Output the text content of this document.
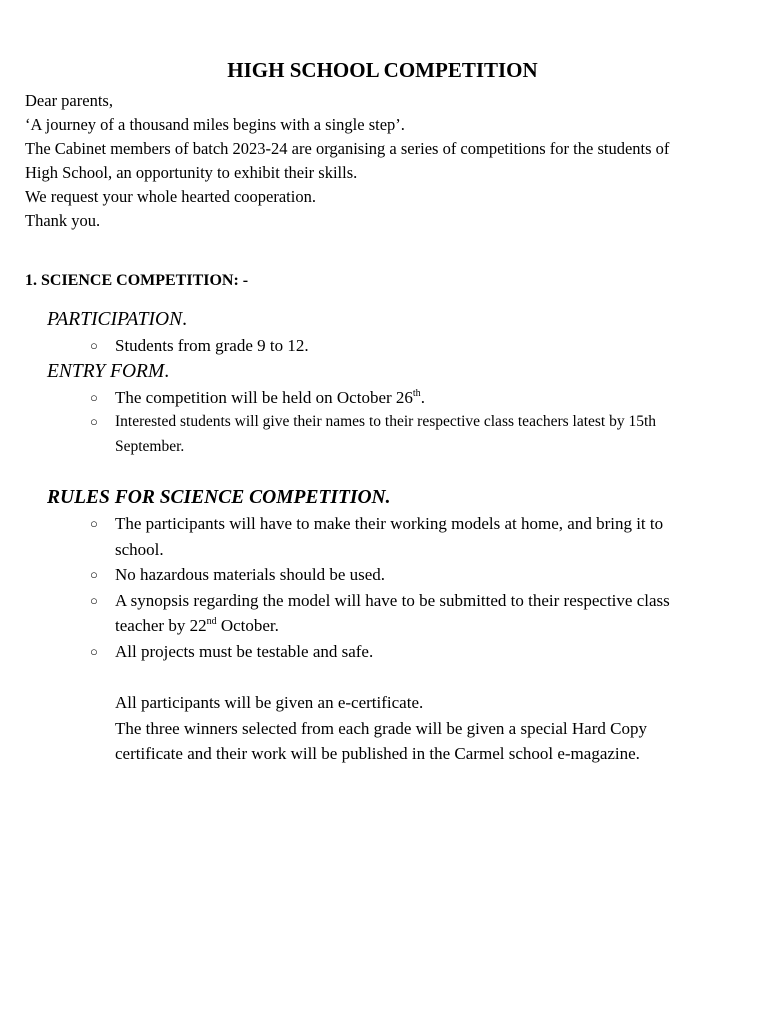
HIGH SCHOOL COMPETITION

Dear parents,

‘A journey of a thousand miles begins with a single step’.

The Cabinet members of batch 2023-24 are organising a series of competitions for the students of

High School, an opportunity to exhibit their skills.

We request your whole hearted cooperation.

Thank you.

1. SCIENCE COMPETITION: -
PARTICIPATION.
○ Students from grade 9 to 12.
ENTRY FORM.
○ The competition will be held on October 26th.
○ Interested students will give their names to their respective class teachers latest by 15th
September.
RULES FOR SCIENCE COMPETITION.
○ The participants will have to make their working models at home, and bring it to
school.
○ No hazardous materials should be used.
○ A synopsis regarding the model will have to be submitted to their respective class
teacher by 22nd October.
○ All projects must be testable and safe.

All participants will be given an e-certificate.

The three winners selected from each grade will be given a special Hard Copy

certificate and their work will be published in the Carmel school e-magazine.
